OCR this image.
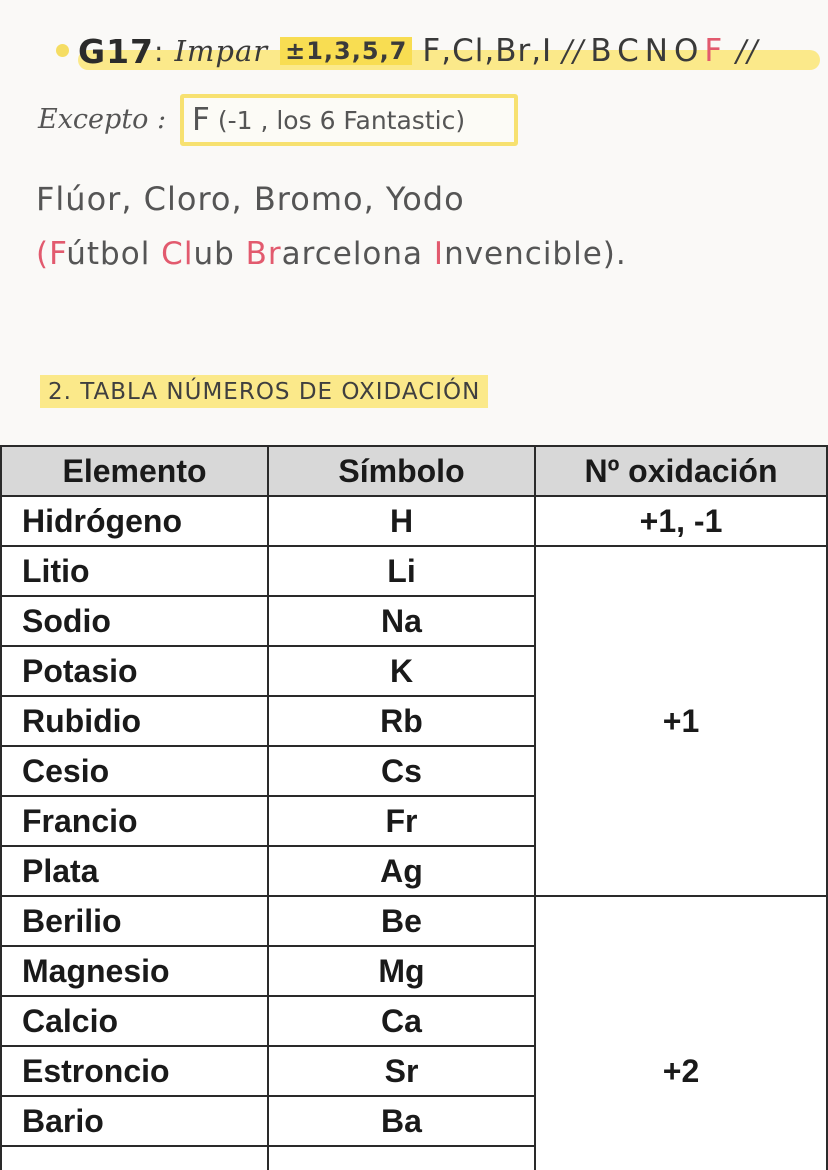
G17 : Impar ±1,3,5,7 F,Cl,Br,I // BCNO F //
Excepto : F (-1 , los 6 Fantastic)
Flúor, Cloro, Bromo, Yodo
(Fútbol Club Brarcelona Invencible).
2. TABLA NÚMEROS DE OXIDACIÓN
Elemento	Símbolo	Nº oxidación
Hidrógeno	H	+1, -1
Litio	Li	+1
Sodio	Na	
Potasio	K	
Rubidio	Rb	
Cesio	Cs	
Francio	Fr	
Plata	Ag	
Berilio	Be	+2
Magnesio	Mg	
Calcio	Ca	
Estroncio	Sr	
Bario	Ba	
